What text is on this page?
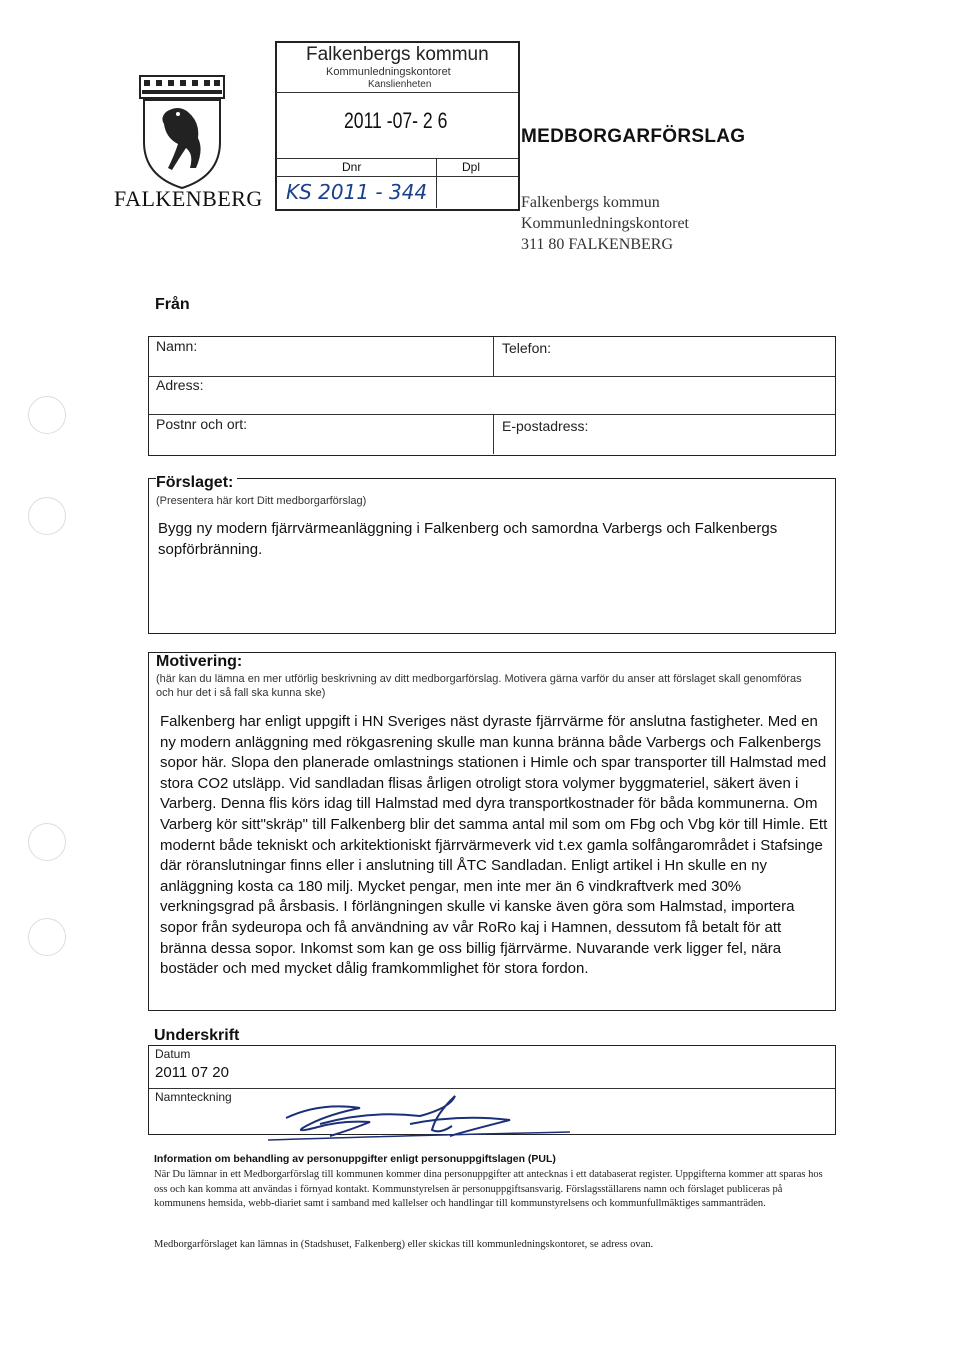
FALKENBERG
Falkenbergs kommun
Kommunledningskontoret
Kanslienheten
2011 -07- 2 6
Dnr	Dpl
KS 2011 - 344
MEDBORGARFÖRSLAG
Falkenbergs kommun
Kommunledningskontoret
311 80 FALKENBERG
Från
Namn:	Telefon:
Adress:
Postnr och ort:	E-postadress:
Förslaget:
(Presentera här kort Ditt medborgarförslag)
Bygg ny modern fjärrvärmeanläggning i Falkenberg och samordna Varbergs och Falkenbergs sopförbränning.
Motivering:
(här kan du lämna en mer utförlig beskrivning av ditt medborgarförslag. Motivera gärna varför du anser att förslaget skall genomföras och hur det i så fall ska kunna ske)
Falkenberg har enligt uppgift i HN Sveriges näst dyraste fjärrvärme för anslutna fastigheter. Med en ny modern anläggning med rökgasrening skulle man kunna bränna både Varbergs och Falkenbergs sopor här. Slopa den planerade omlastnings stationen i Himle och spar transporter till Halmstad med stora CO2 utsläpp. Vid sandladan flisas årligen otroligt stora volymer byggmateriel, säkert även i Varberg. Denna flis körs idag till Halmstad med dyra transportkostnader för båda kommunerna. Om Varberg kör sitt"skräp" till Falkenberg blir det samma antal mil som om Fbg och Vbg kör till Himle. Ett modernt både tekniskt och arkitektioniskt fjärrvärmeverk vid t.ex gamla solfångarområdet i Stafsinge där röranslutningar finns eller i anslutning till ÅTC Sandladan. Enligt artikel i Hn skulle en ny anläggning kosta ca 180 milj. Mycket pengar, men inte mer än 6 vindkraftverk med 30% verkningsgrad på årsbasis. I förlängningen skulle vi kanske även göra som Halmstad, importera sopor från sydeuropa och få användning av vår RoRo kaj i Hamnen, dessutom få betalt för att bränna dessa sopor. Inkomst som kan ge oss billig fjärrvärme. Nuvarande verk ligger fel, nära bostäder och med mycket dålig framkommlighet för stora fordon.
Underskrift
Datum
2011 07 20
Namnteckning
Information om behandling av personuppgifter enligt personuppgiftslagen (PUL)
När Du lämnar in ett Medborgarförslag till kommunen kommer dina personuppgifter att antecknas i ett databaserat register. Uppgifterna kommer att sparas hos oss och kan komma att användas i förnyad kontakt. Kommunstyrelsen är personuppgiftsansvarig. Förslagsställarens namn och förslaget publiceras på kommunens hemsida, webb-diariet samt i samband med kallelser och handlingar till kommunstyrelsens och kommunfullmäktiges sammanträden.
Medborgarförslaget kan lämnas in (Stadshuset, Falkenberg) eller skickas till kommunledningskontoret, se adress ovan.
